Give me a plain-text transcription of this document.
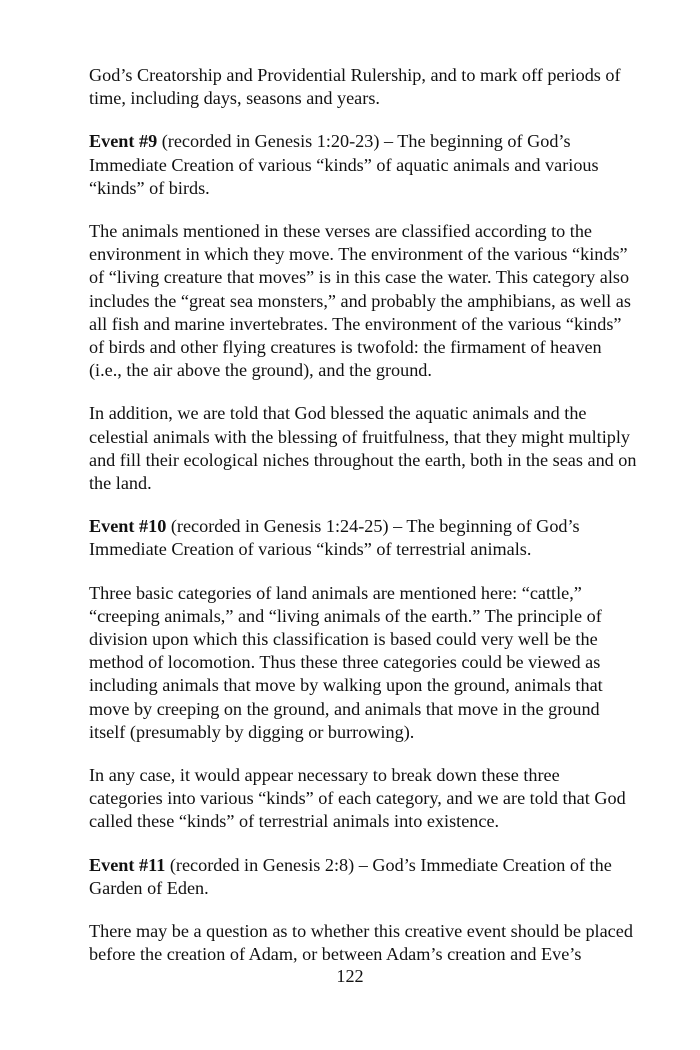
God’s Creatorship and Providential Rulership, and to mark off periods of time, including days, seasons and years.

Event #9 (recorded in Genesis 1:20-23) – The beginning of God’s Immediate Creation of various “kinds” of aquatic animals and various “kinds” of birds.

The animals mentioned in these verses are classified according to the environment in which they move. The environment of the various “kinds” of “living creature that moves” is in this case the water. This category also includes the “great sea monsters,” and probably the amphibians, as well as all fish and marine invertebrates. The environment of the various “kinds” of birds and other flying creatures is twofold: the firmament of heaven (i.e., the air above the ground), and the ground.

In addition, we are told that God blessed the aquatic animals and the celestial animals with the blessing of fruitfulness, that they might multiply and fill their ecological niches throughout the earth, both in the seas and on the land.

Event #10 (recorded in Genesis 1:24-25) – The beginning of God’s Immediate Creation of various “kinds” of terrestrial animals.

Three basic categories of land animals are mentioned here: “cattle,” “creeping animals,” and “living animals of the earth.” The principle of division upon which this classification is based could very well be the method of locomotion. Thus these three categories could be viewed as including animals that move by walking upon the ground, animals that move by creeping on the ground, and animals that move in the ground itself (presumably by digging or burrowing).

In any case, it would appear necessary to break down these three categories into various “kinds” of each category, and we are told that God called these “kinds” of terrestrial animals into existence.

Event #11 (recorded in Genesis 2:8) – God’s Immediate Creation of the Garden of Eden.

There may be a question as to whether this creative event should be placed before the creation of Adam, or between Adam’s creation and Eve’s

122
